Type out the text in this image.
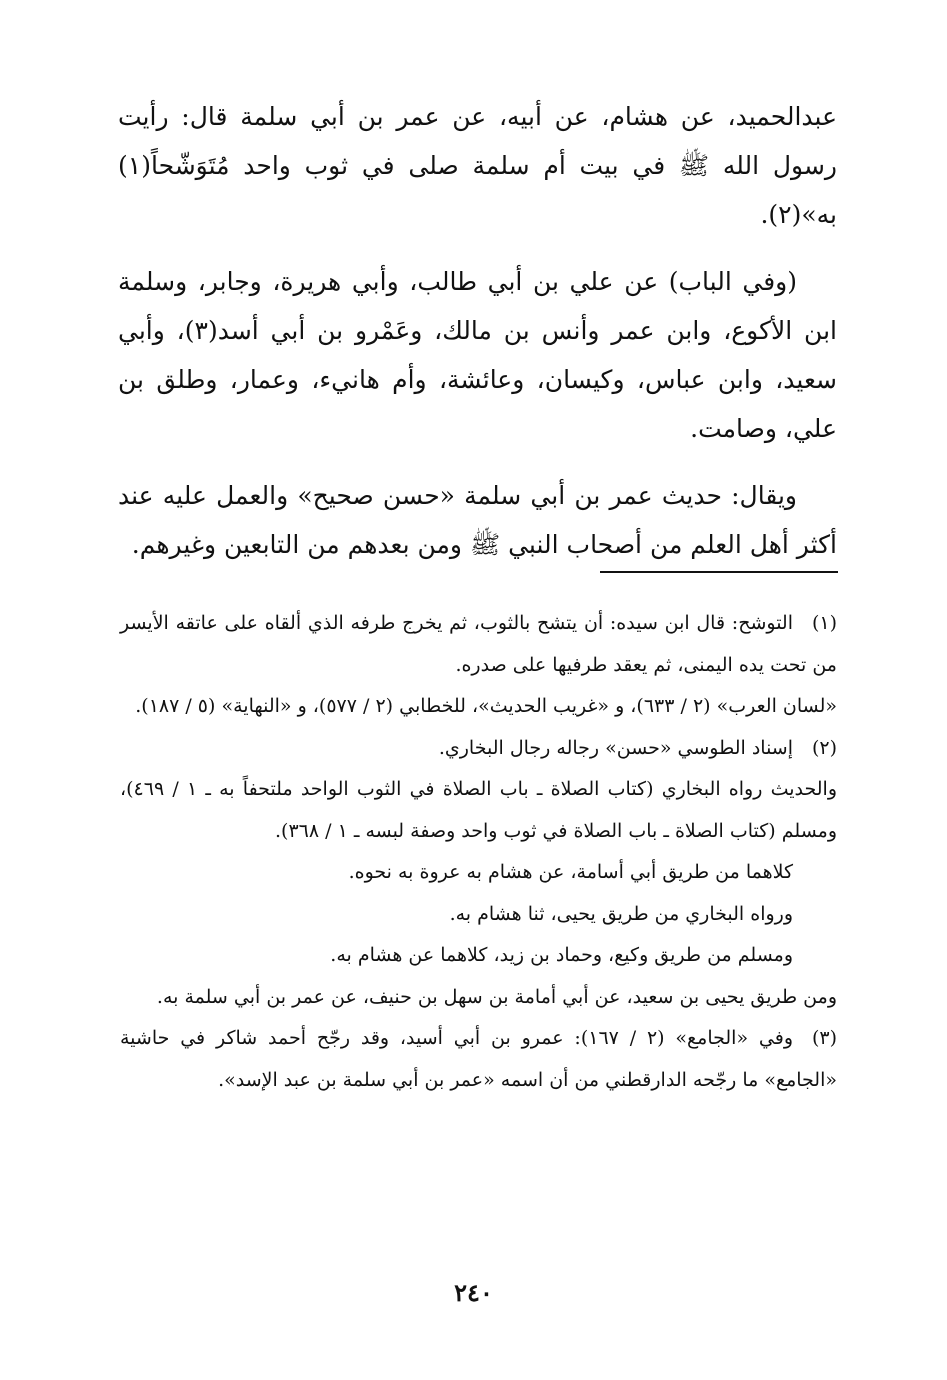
عبدالحميد، عن هشام، عن أبيه، عن عمر بن أبي سلمة قال: رأيت رسول الله ﷺ في بيت أم سلمة صلى في ثوب واحد مُتَوَشّحاً(١) به»(٢).

(وفي الباب) عن علي بن أبي طالب، وأبي هريرة، وجابر، وسلمة ابن الأكوع، وابن عمر وأنس بن مالك، وعَمْرو بن أبي أسد(٣)، وأبي سعيد، وابن عباس، وكيسان، وعائشة، وأم هانيء، وعمار، وطلق بن علي، وصامت.

ويقال: حديث عمر بن أبي سلمة «حسن صحيح» والعمل عليه عند أكثر أهل العلم من أصحاب النبي ﷺ ومن بعدهم من التابعين وغيرهم.

(١)التوشح: قال ابن سيده: أن يتشح بالثوب، ثم يخرج طرفه الذي ألقاه على عاتقه الأيسر من تحت يده اليمنى، ثم يعقد طرفيها على صدره.

«لسان العرب» (٢ / ٦٣٣)، و «غريب الحديث»، للخطابي (٢ / ٥٧٧)، و «النهاية» (٥ / ١٨٧).

(٢)إسناد الطوسي «حسن» رجاله رجال البخاري.

والحديث رواه البخاري (كتاب الصلاة ـ باب الصلاة في الثوب الواحد ملتحفاً به ـ ١ / ٤٦٩)، ومسلم (كتاب الصلاة ـ باب الصلاة في ثوب واحد وصفة لبسه ـ ١ / ٣٦٨).

كلاهما من طريق أبي أسامة، عن هشام به عروة به نحوه.

ورواه البخاري من طريق يحيى، ثنا هشام به.

ومسلم من طريق وكيع، وحماد بن زيد، كلاهما عن هشام به.

ومن طريق يحيى بن سعيد، عن أبي أمامة بن سهل بن حنيف، عن عمر بن أبي سلمة به.

(٣)وفي «الجامع» (٢ / ١٦٧): عمرو بن أبي أسيد، وقد رجّح أحمد شاكر في حاشية «الجامع» ما رجّحه الدارقطني من أن اسمه «عمر بن أبي سلمة بن عبد الإسد».

٢٤٠
